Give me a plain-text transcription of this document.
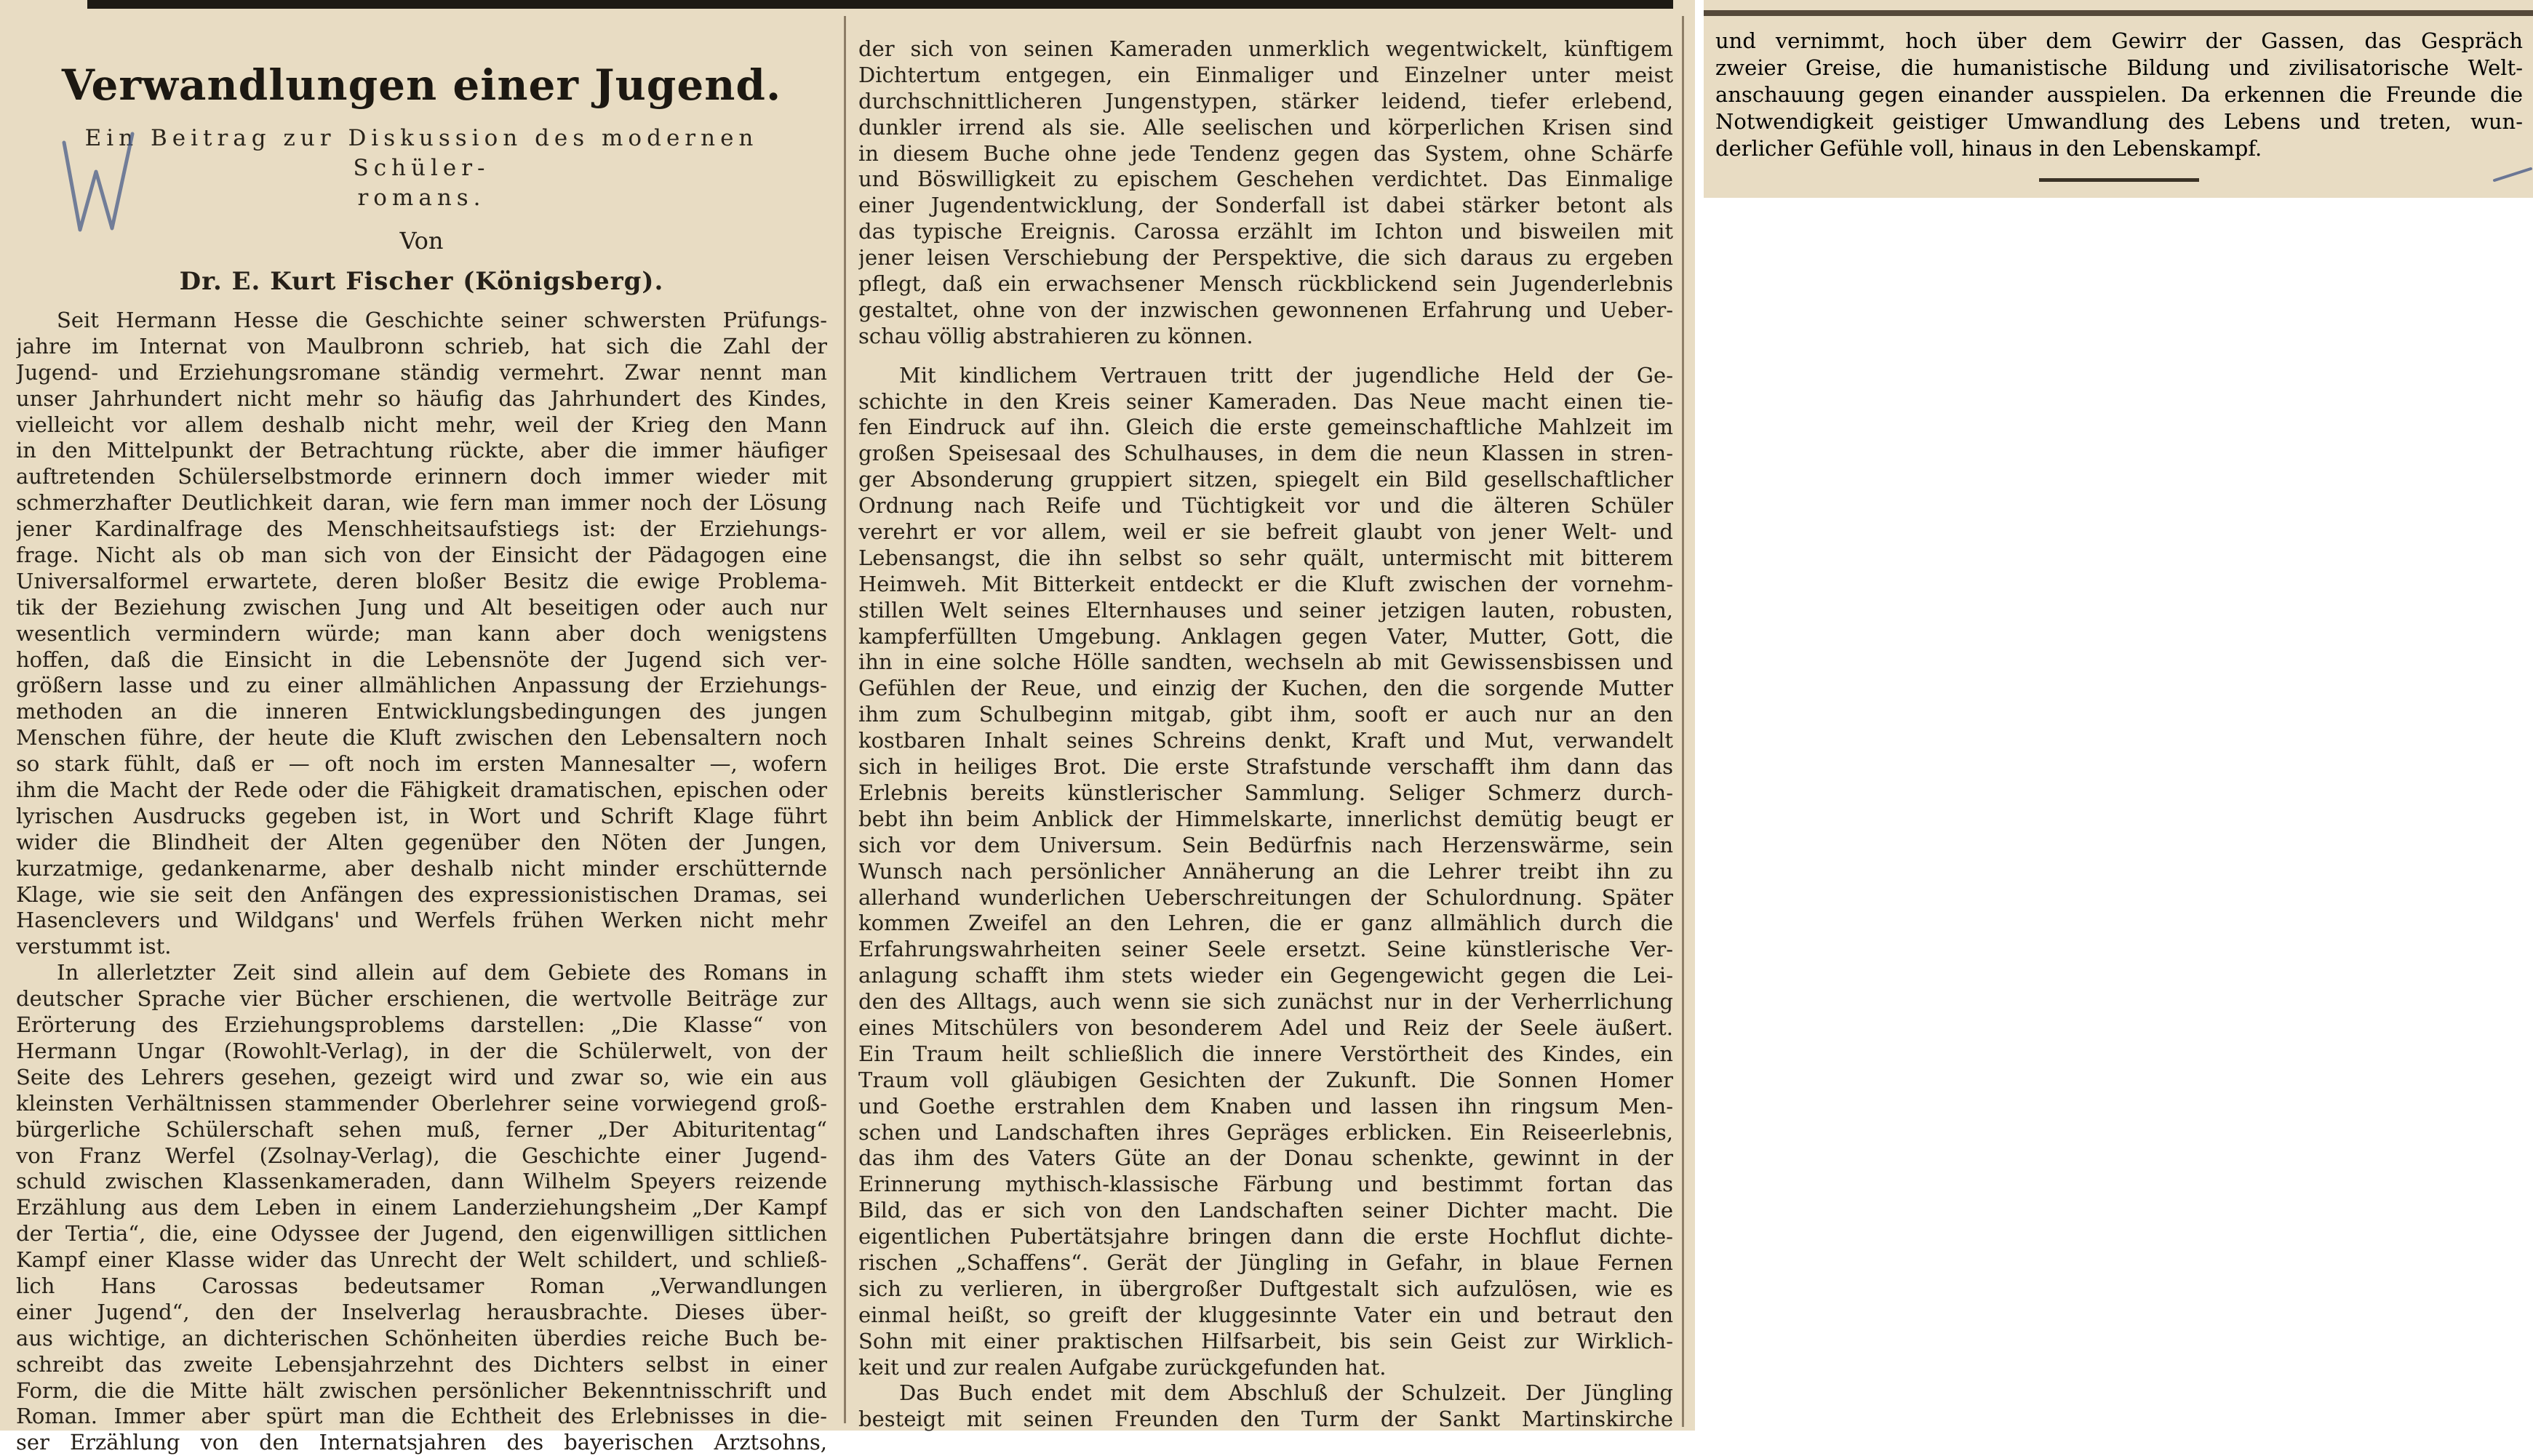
Verwandlungen einer Jugend.
Ein Beitrag zur Diskussion des modernen Schüler-
romans.
Von
Dr. E. Kurt Fischer (Königsberg).
Seit Hermann Hesse die Geschichte seiner schwersten Prüfungs-
jahre im Internat von Maulbronn schrieb, hat sich die Zahl der
Jugend- und Erziehungsromane ständig vermehrt. Zwar nennt man
unser Jahrhundert nicht mehr so häufig das Jahrhundert des Kindes,
vielleicht vor allem deshalb nicht mehr, weil der Krieg den Mann
in den Mittelpunkt der Betrachtung rückte, aber die immer häufiger
auftretenden Schülerselbstmorde erinnern doch immer wieder mit
schmerzhafter Deutlichkeit daran, wie fern man immer noch der Lösung
jener Kardinalfrage des Menschheitsaufstiegs ist: der Erziehungs-
frage. Nicht als ob man sich von der Einsicht der Pädagogen eine
Universalformel erwartete, deren bloßer Besitz die ewige Problema-
tik der Beziehung zwischen Jung und Alt beseitigen oder auch nur
wesentlich vermindern würde; man kann aber doch wenigstens
hoffen, daß die Einsicht in die Lebensnöte der Jugend sich ver-
größern lasse und zu einer allmählichen Anpassung der Erziehungs-
methoden an die inneren Entwicklungsbedingungen des jungen
Menschen führe, der heute die Kluft zwischen den Lebensaltern noch
so stark fühlt, daß er — oft noch im ersten Mannesalter —, wofern
ihm die Macht der Rede oder die Fähigkeit dramatischen, epischen oder
lyrischen Ausdrucks gegeben ist, in Wort und Schrift Klage führt
wider die Blindheit der Alten gegenüber den Nöten der Jungen,
kurzatmige, gedankenarme, aber deshalb nicht minder erschütternde
Klage, wie sie seit den Anfängen des expressionistischen Dramas, sei
Hasenclevers und Wildgans' und Werfels frühen Werken nicht mehr
verstummt ist.
In allerletzter Zeit sind allein auf dem Gebiete des Romans in
deutscher Sprache vier Bücher erschienen, die wertvolle Beiträge zur
Erörterung des Erziehungsproblems darstellen: „Die Klasse“ von
Hermann Ungar (Rowohlt-Verlag), in der die Schülerwelt, von der
Seite des Lehrers gesehen, gezeigt wird und zwar so, wie ein aus
kleinsten Verhältnissen stammender Oberlehrer seine vorwiegend groß-
bürgerliche Schülerschaft sehen muß, ferner „Der Abituritentag“
von Franz Werfel (Zsolnay-Verlag), die Geschichte einer Jugend-
schuld zwischen Klassenkameraden, dann Wilhelm Speyers reizende
Erzählung aus dem Leben in einem Landerziehungsheim „Der Kampf
der Tertia“, die, eine Odyssee der Jugend, den eigenwilligen sittlichen
Kampf einer Klasse wider das Unrecht der Welt schildert, und schließ-
lich Hans Carossas bedeutsamer Roman „Verwandlungen
einer Jugend“, den der Inselverlag herausbrachte. Dieses über-
aus wichtige, an dichterischen Schönheiten überdies reiche Buch be-
schreibt das zweite Lebensjahrzehnt des Dichters selbst in einer
Form, die die Mitte hält zwischen persönlicher Bekenntnisschrift und
Roman. Immer aber spürt man die Echtheit des Erlebnisses in die-
ser Erzählung von den Internatsjahren des bayerischen Arztsohns,
der sich von seinen Kameraden unmerklich wegentwickelt, künftigem
Dichtertum entgegen, ein Einmaliger und Einzelner unter meist
durchschnittlicheren Jungenstypen, stärker leidend, tiefer erlebend,
dunkler irrend als sie. Alle seelischen und körperlichen Krisen sind
in diesem Buche ohne jede Tendenz gegen das System, ohne Schärfe
und Böswilligkeit zu epischem Geschehen verdichtet. Das Einmalige
einer Jugendentwicklung, der Sonderfall ist dabei stärker betont als
das typische Ereignis. Carossa erzählt im Ichton und bisweilen mit
jener leisen Verschiebung der Perspektive, die sich daraus zu ergeben
pflegt, daß ein erwachsener Mensch rückblickend sein Jugenderlebnis
gestaltet, ohne von der inzwischen gewonnenen Erfahrung und Ueber-
schau völlig abstrahieren zu können.
Mit kindlichem Vertrauen tritt der jugendliche Held der Ge-
schichte in den Kreis seiner Kameraden. Das Neue macht einen tie-
fen Eindruck auf ihn. Gleich die erste gemeinschaftliche Mahlzeit im
großen Speisesaal des Schulhauses, in dem die neun Klassen in stren-
ger Absonderung gruppiert sitzen, spiegelt ein Bild gesellschaftlicher
Ordnung nach Reife und Tüchtigkeit vor und die älteren Schüler
verehrt er vor allem, weil er sie befreit glaubt von jener Welt- und
Lebensangst, die ihn selbst so sehr quält, untermischt mit bitterem
Heimweh. Mit Bitterkeit entdeckt er die Kluft zwischen der vornehm-
stillen Welt seines Elternhauses und seiner jetzigen lauten, robusten,
kampferfüllten Umgebung. Anklagen gegen Vater, Mutter, Gott, die
ihn in eine solche Hölle sandten, wechseln ab mit Gewissensbissen und
Gefühlen der Reue, und einzig der Kuchen, den die sorgende Mutter
ihm zum Schulbeginn mitgab, gibt ihm, sooft er auch nur an den
kostbaren Inhalt seines Schreins denkt, Kraft und Mut, verwandelt
sich in heiliges Brot. Die erste Strafstunde verschafft ihm dann das
Erlebnis bereits künstlerischer Sammlung. Seliger Schmerz durch-
bebt ihn beim Anblick der Himmelskarte, innerlichst demütig beugt er
sich vor dem Universum. Sein Bedürfnis nach Herzenswärme, sein
Wunsch nach persönlicher Annäherung an die Lehrer treibt ihn zu
allerhand wunderlichen Ueberschreitungen der Schulordnung. Später
kommen Zweifel an den Lehren, die er ganz allmählich durch die
Erfahrungswahrheiten seiner Seele ersetzt. Seine künstlerische Ver-
anlagung schafft ihm stets wieder ein Gegengewicht gegen die Lei-
den des Alltags, auch wenn sie sich zunächst nur in der Verherrlichung
eines Mitschülers von besonderem Adel und Reiz der Seele äußert.
Ein Traum heilt schließlich die innere Verstörtheit des Kindes, ein
Traum voll gläubigen Gesichten der Zukunft. Die Sonnen Homer
und Goethe erstrahlen dem Knaben und lassen ihn ringsum Men-
schen und Landschaften ihres Gepräges erblicken. Ein Reiseerlebnis,
das ihm des Vaters Güte an der Donau schenkte, gewinnt in der
Erinnerung mythisch-klassische Färbung und bestimmt fortan das
Bild, das er sich von den Landschaften seiner Dichter macht. Die
eigentlichen Pubertätsjahre bringen dann die erste Hochflut dichte-
rischen „Schaffens“. Gerät der Jüngling in Gefahr, in blaue Fernen
sich zu verlieren, in übergroßer Duftgestalt sich aufzulösen, wie es
einmal heißt, so greift der kluggesinnte Vater ein und betraut den
Sohn mit einer praktischen Hilfsarbeit, bis sein Geist zur Wirklich-
keit und zur realen Aufgabe zurückgefunden hat.
Das Buch endet mit dem Abschluß der Schulzeit. Der Jüngling
besteigt mit seinen Freunden den Turm der Sankt Martinskirche
und vernimmt, hoch über dem Gewirr der Gassen, das Gespräch
zweier Greise, die humanistische Bildung und zivilisatorische Welt-
anschauung gegen einander ausspielen. Da erkennen die Freunde die
Notwendigkeit geistiger Umwandlung des Lebens und treten, wun-
derlicher Gefühle voll, hinaus in den Lebenskampf.
